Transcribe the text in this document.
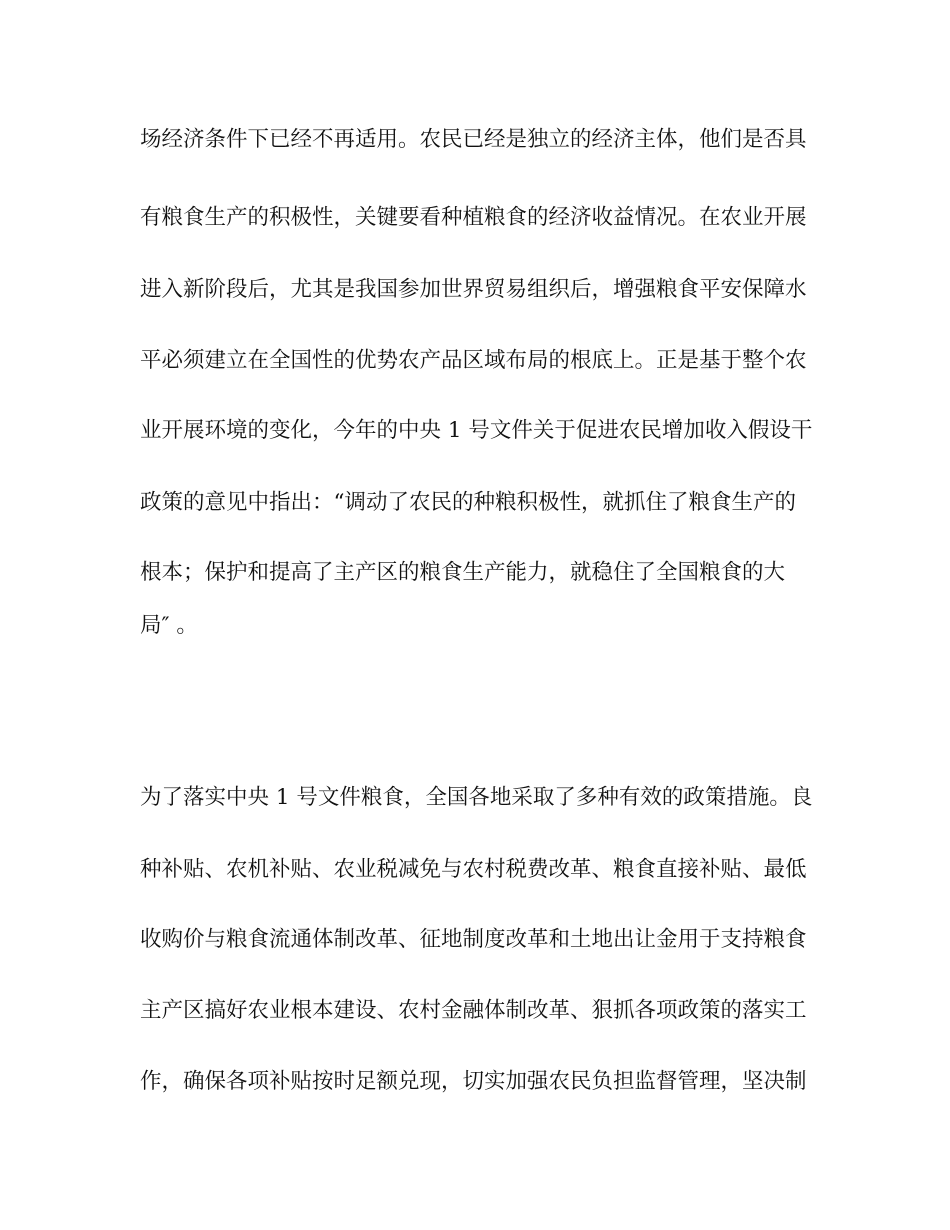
场经济条件下已经不再适用。农民已经是独立的经济主体，他们是否具
有粮食生产的积极性，关键要看种植粮食的经济收益情况。在农业开展
进入新阶段后，尤其是我国参加世界贸易组织后，增强粮食平安保障水
平必须建立在全国性的优势农产品区域布局的根底上。正是基于整个农
业开展环境的变化，今年的中央 1 号文件关于促进农民增加收入假设干
政策的意见中指出：“调动了农民的种粮积极性，就抓住了粮食生产的
根本；保护和提高了主产区的粮食生产能力，就稳住了全国粮食的大
局″ 。
为了落实中央 1 号文件粮食，全国各地采取了多种有效的政策措施。良
种补贴、农机补贴、农业税减免与农村税费改革、粮食直接补贴、最低
收购价与粮食流通体制改革、征地制度改革和土地出让金用于支持粮食
主产区搞好农业根本建设、农村金融体制改革、狠抓各项政策的落实工
作，确保各项补贴按时足额兑现，切实加强农民负担监督管理，坚决制
